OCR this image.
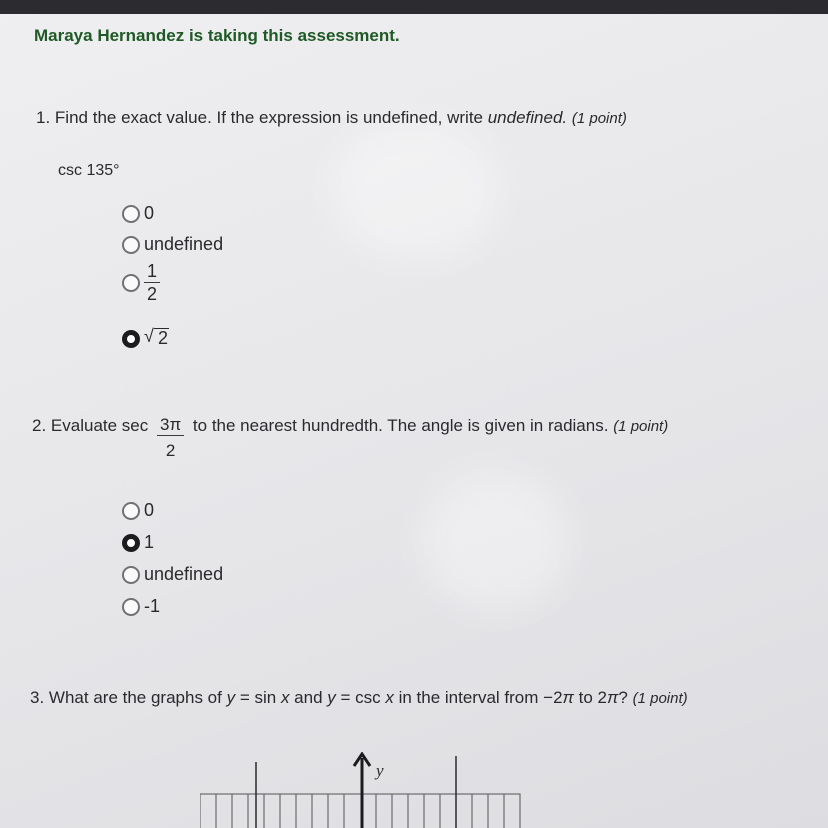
Maraya Hernandez is taking this assessment.
1. Find the exact value. If the expression is undefined, write undefined. (1 point)
csc 135°
0
undefined
$\frac{1}{2}$
√ 2
2. Evaluate $\sec \frac{3\pi}{2}$ to the nearest hundredth. The angle is given in radians. (1 point)
0
1
undefined
-1
3. What are the graphs of y = sin x and y = csc x in the interval from −2π to 2π? (1 point)
y
